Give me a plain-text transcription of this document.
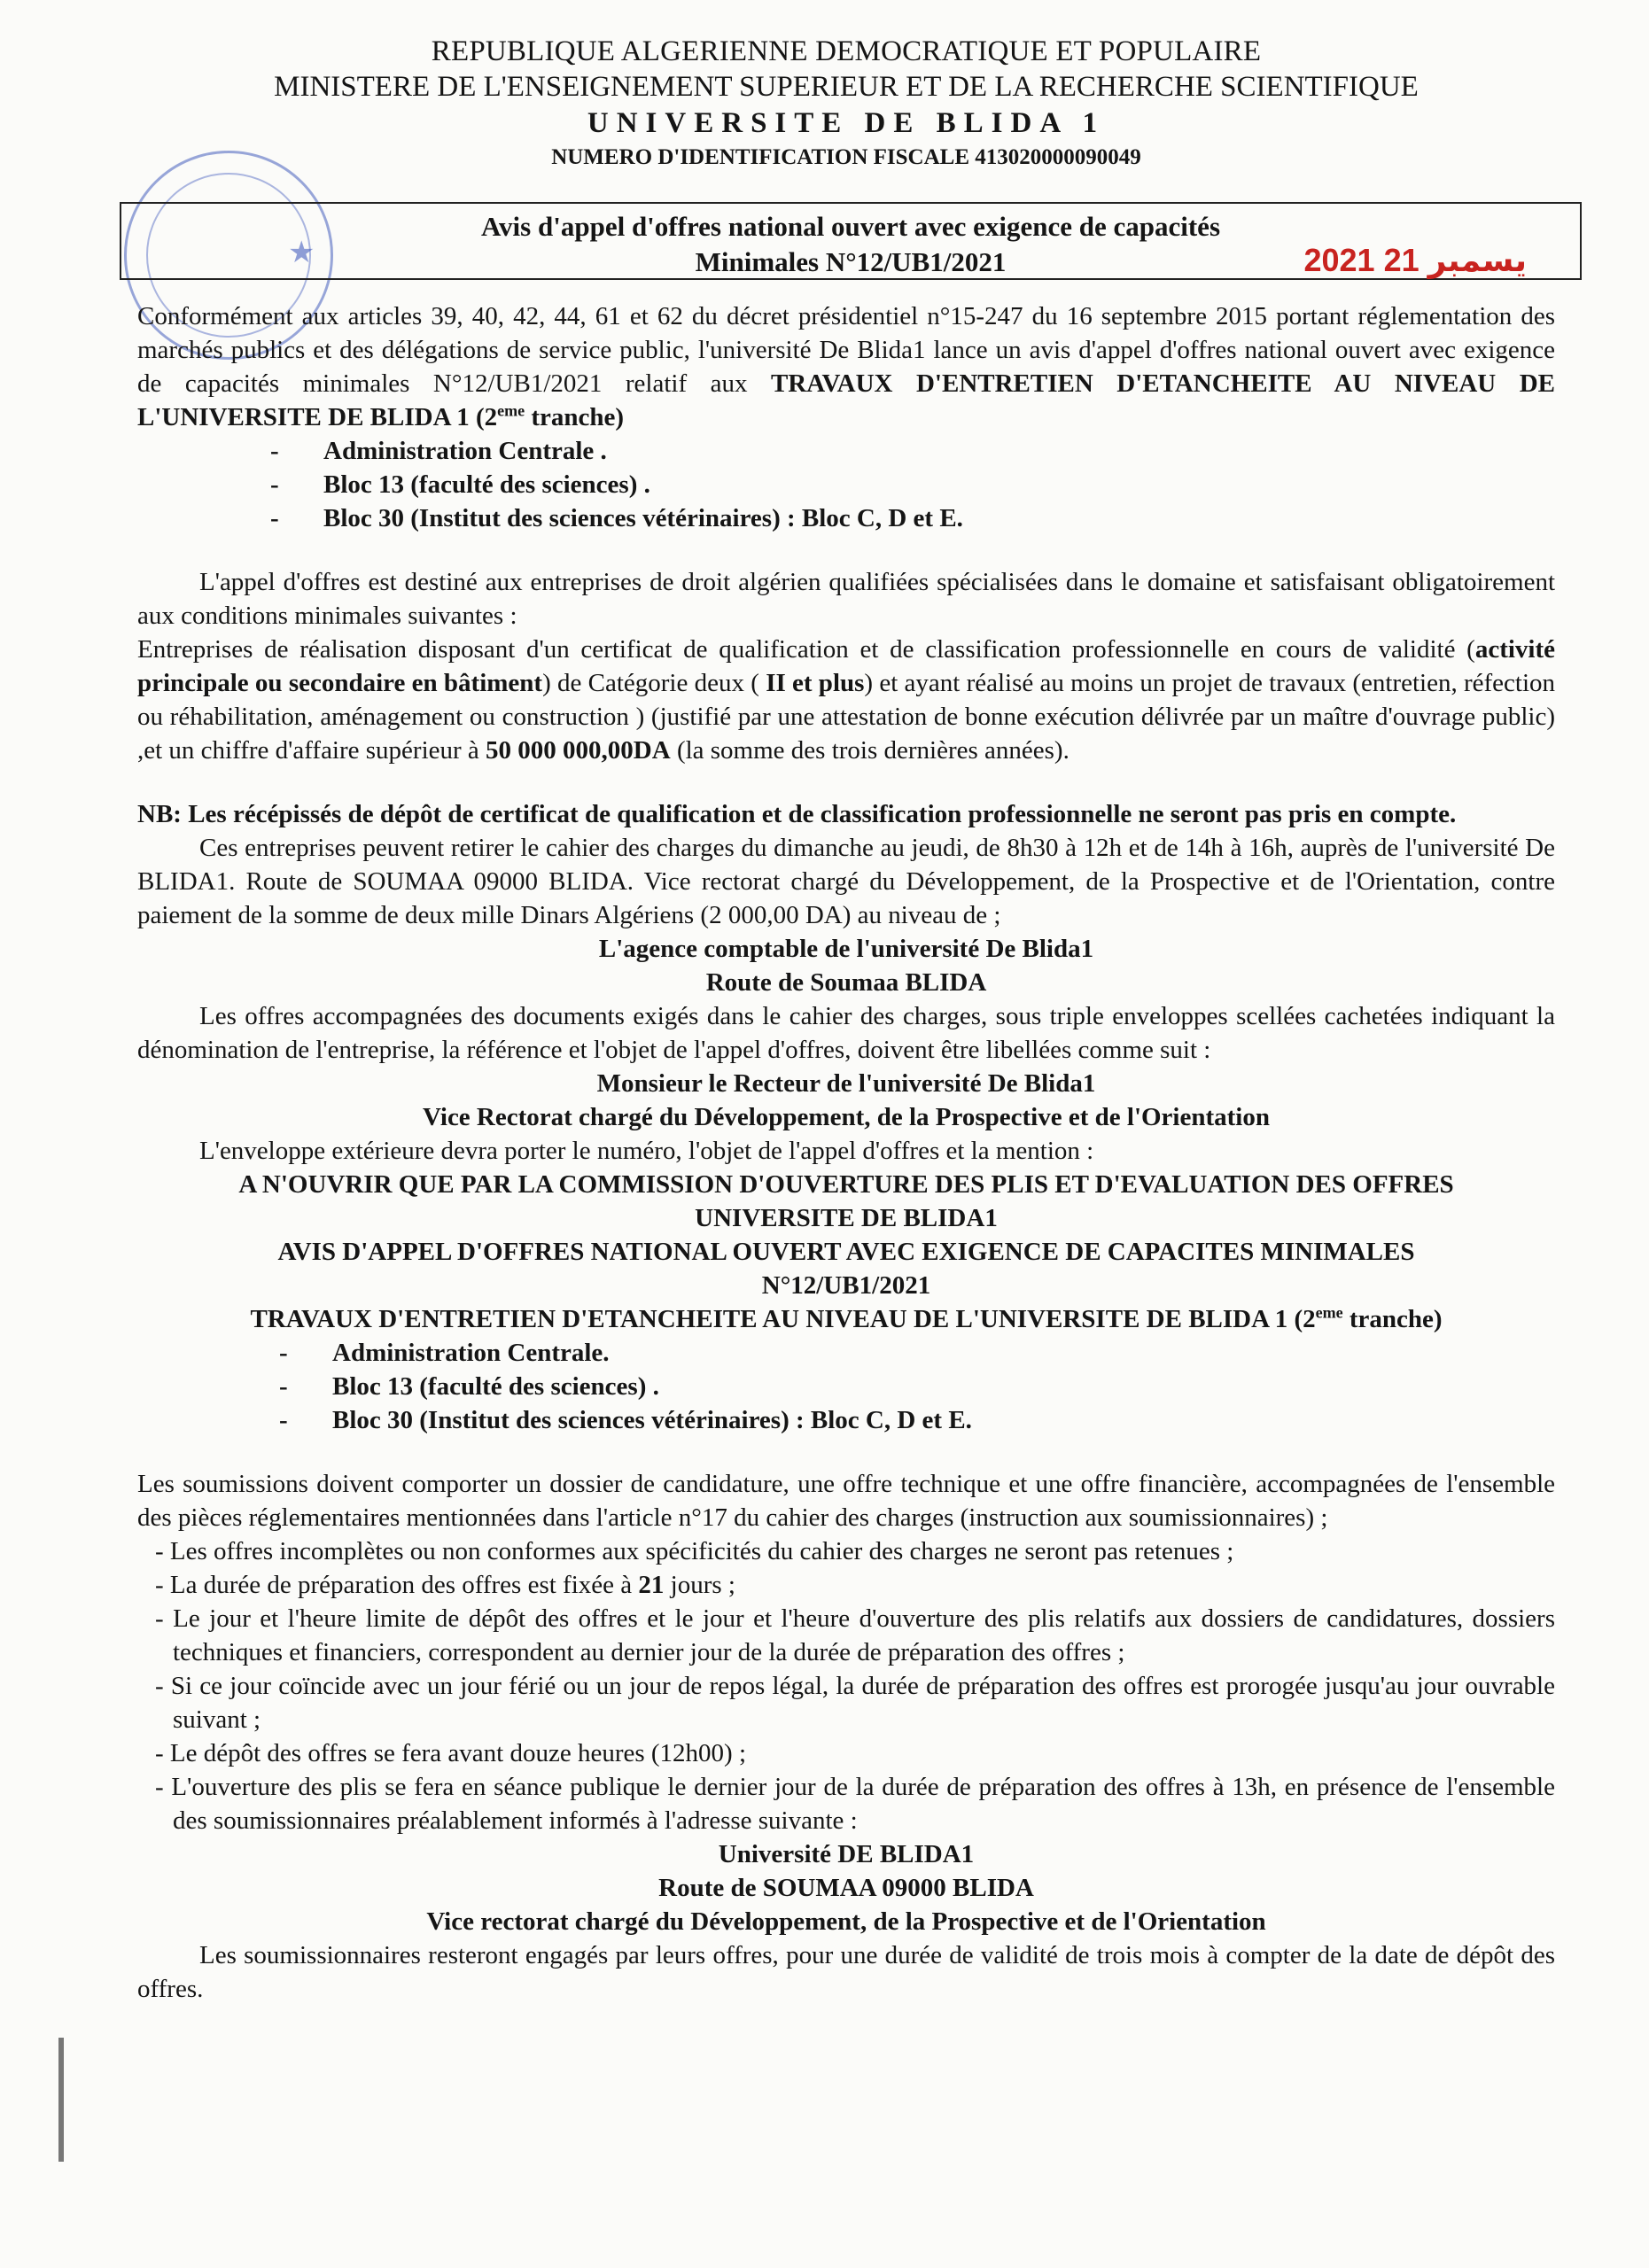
★
REPUBLIQUE ALGERIENNE DEMOCRATIQUE ET POPULAIRE
MINISTERE DE L'ENSEIGNEMENT SUPERIEUR ET DE LA RECHERCHE SCIENTIFIQUE
UNIVERSITE DE BLIDA 1
NUMERO D'IDENTIFICATION FISCALE 413020000090049
Avis d'appel d'offres national ouvert avec exigence de capacités
Minimales N°12/UB1/2021	2021 يسمبر 21

Conformément aux articles 39, 40, 42, 44, 61 et 62 du décret présidentiel n°15-247 du 16 septembre 2015 portant réglementation des marchés publics et des délégations de service public, l'université De Blida1 lance un avis d'appel d'offres national ouvert avec exigence de capacités minimales N°12/UB1/2021 relatif aux TRAVAUX D'ENTRETIEN D'ETANCHEITE AU NIVEAU DE L'UNIVERSITE DE BLIDA 1 (2eme tranche)

- Administration Centrale .
- Bloc 13 (faculté des sciences) .
- Bloc 30 (Institut des sciences vétérinaires) : Bloc C, D et E.

L'appel d'offres est destiné aux entreprises de droit algérien qualifiées spécialisées dans le domaine et satisfaisant obligatoirement aux conditions minimales suivantes :

Entreprises de réalisation disposant d'un certificat de qualification et de classification professionnelle en cours de validité (activité principale ou secondaire en bâtiment) de Catégorie deux ( II et plus) et ayant réalisé au moins un projet de travaux (entretien, réfection ou réhabilitation, aménagement ou construction ) (justifié par une attestation de bonne exécution délivrée par un maître d'ouvrage public) ,et un chiffre d'affaire supérieur à 50 000 000,00DA (la somme des trois dernières années).

NB: Les récépissés de dépôt de certificat de qualification et de classification professionnelle ne seront pas pris en compte.

Ces entreprises peuvent retirer le cahier des charges du dimanche au jeudi, de 8h30 à 12h et de 14h à 16h, auprès de l'université De BLIDA1. Route de SOUMAA 09000 BLIDA. Vice rectorat chargé du Développement, de la Prospective et de l'Orientation, contre paiement de la somme de deux mille Dinars Algériens (2 000,00 DA) au niveau de ;

L'agence comptable de l'université De Blida1

Route de Soumaa BLIDA

Les offres accompagnées des documents exigés dans le cahier des charges, sous triple enveloppes scellées cachetées indiquant la dénomination de l'entreprise, la référence et l'objet de l'appel d'offres, doivent être libellées comme suit :

Monsieur le Recteur de l'université De Blida1

Vice Rectorat chargé du Développement, de la Prospective et de l'Orientation

L'enveloppe extérieure devra porter le numéro, l'objet de l'appel d'offres et la mention :

A N'OUVRIR QUE PAR LA COMMISSION D'OUVERTURE DES PLIS ET D'EVALUATION DES OFFRES

UNIVERSITE DE BLIDA1

AVIS D'APPEL D'OFFRES NATIONAL OUVERT AVEC EXIGENCE DE CAPACITES MINIMALES

N°12/UB1/2021

TRAVAUX D'ENTRETIEN D'ETANCHEITE AU NIVEAU DE L'UNIVERSITE DE BLIDA 1 (2eme tranche)

- Administration Centrale.
- Bloc 13 (faculté des sciences) .
- Bloc 30 (Institut des sciences vétérinaires) : Bloc C, D et E.

Les soumissions doivent comporter un dossier de candidature, une offre technique et une offre financière, accompagnées de l'ensemble des pièces réglementaires mentionnées dans l'article n°17 du cahier des charges (instruction aux soumissionnaires) ;

- Les offres incomplètes ou non conformes aux spécificités du cahier des charges ne seront pas retenues ;
- La durée de préparation des offres est fixée à 21 jours ;
- Le jour et l'heure limite de dépôt des offres et le jour et l'heure d'ouverture des plis relatifs aux dossiers de candidatures, dossiers techniques et financiers, correspondent au dernier jour de la durée de préparation des offres ;
- Si ce jour coïncide avec un jour férié ou un jour de repos légal, la durée de préparation des offres est prorogée jusqu'au jour ouvrable suivant ;
- Le dépôt des offres se fera avant douze heures (12h00) ;
- L'ouverture des plis se fera en séance publique le dernier jour de la durée de préparation des offres à 13h, en présence de l'ensemble des soumissionnaires préalablement informés à l'adresse suivante :

Université DE BLIDA1

Route de SOUMAA 09000 BLIDA

Vice rectorat chargé du Développement, de la Prospective et de l'Orientation

Les soumissionnaires resteront engagés par leurs offres, pour une durée de validité de trois mois à compter de la date de dépôt des offres.
